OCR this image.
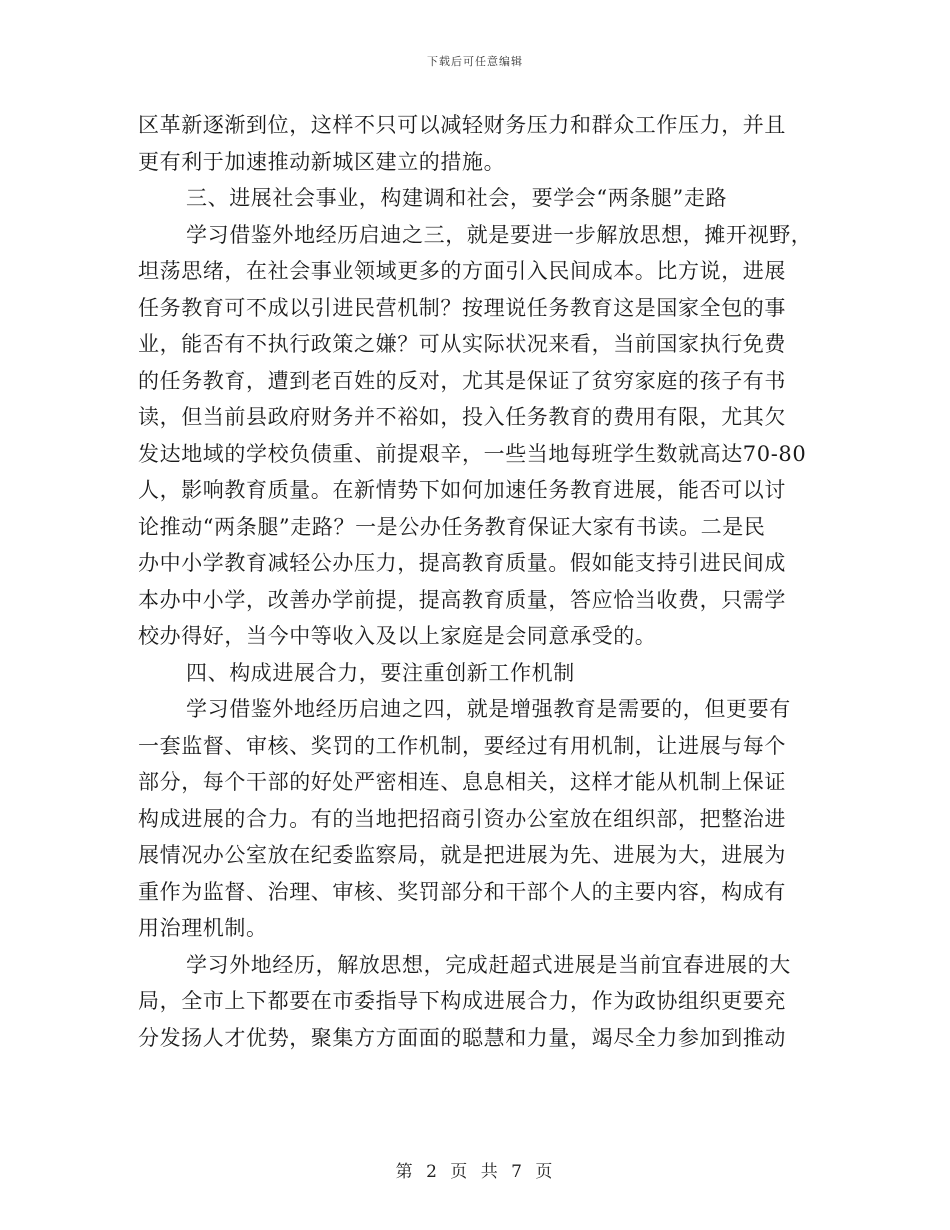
下载后可任意编辑
区革新逐渐到位，这样不只可以减轻财务压力和群众工作压力，并且
更有利于加速推动新城区建立的措施。
三、进展社会事业，构建调和社会，要学会“两条腿”走路
学习借鉴外地经历启迪之三，就是要进一步解放思想，摊开视野，
坦荡思绪，在社会事业领域更多的方面引入民间成本。比方说，进展
任务教育可不成以引进民营机制？按理说任务教育这是国家全包的事
业，能否有不执行政策之嫌？可从实际状况来看，当前国家执行免费
的任务教育，遭到老百姓的反对，尤其是保证了贫穷家庭的孩子有书
读，但当前县政府财务并不裕如，投入任务教育的费用有限，尤其欠
发达地域的学校负债重、前提艰辛，一些当地每班学生数就高达70-80
人，影响教育质量。在新情势下如何加速任务教育进展，能否可以讨
论推动“两条腿”走路？一是公办任务教育保证大家有书读。二是民
办中小学教育减轻公办压力，提高教育质量。假如能支持引进民间成
本办中小学，改善办学前提，提高教育质量，答应恰当收费，只需学
校办得好，当今中等收入及以上家庭是会同意承受的。
四、构成进展合力，要注重创新工作机制
学习借鉴外地经历启迪之四，就是增强教育是需要的，但更要有
一套监督、审核、奖罚的工作机制，要经过有用机制，让进展与每个
部分，每个干部的好处严密相连、息息相关，这样才能从机制上保证
构成进展的合力。有的当地把招商引资办公室放在组织部，把整治进
展情况办公室放在纪委监察局，就是把进展为先、进展为大，进展为
重作为监督、治理、审核、奖罚部分和干部个人的主要内容，构成有
用治理机制。
学习外地经历，解放思想，完成赶超式进展是当前宜春进展的大
局，全市上下都要在市委指导下构成进展合力，作为政协组织更要充
分发扬人才优势，聚集方方面面的聪慧和力量，竭尽全力参加到推动
第 2 页 共 7 页
